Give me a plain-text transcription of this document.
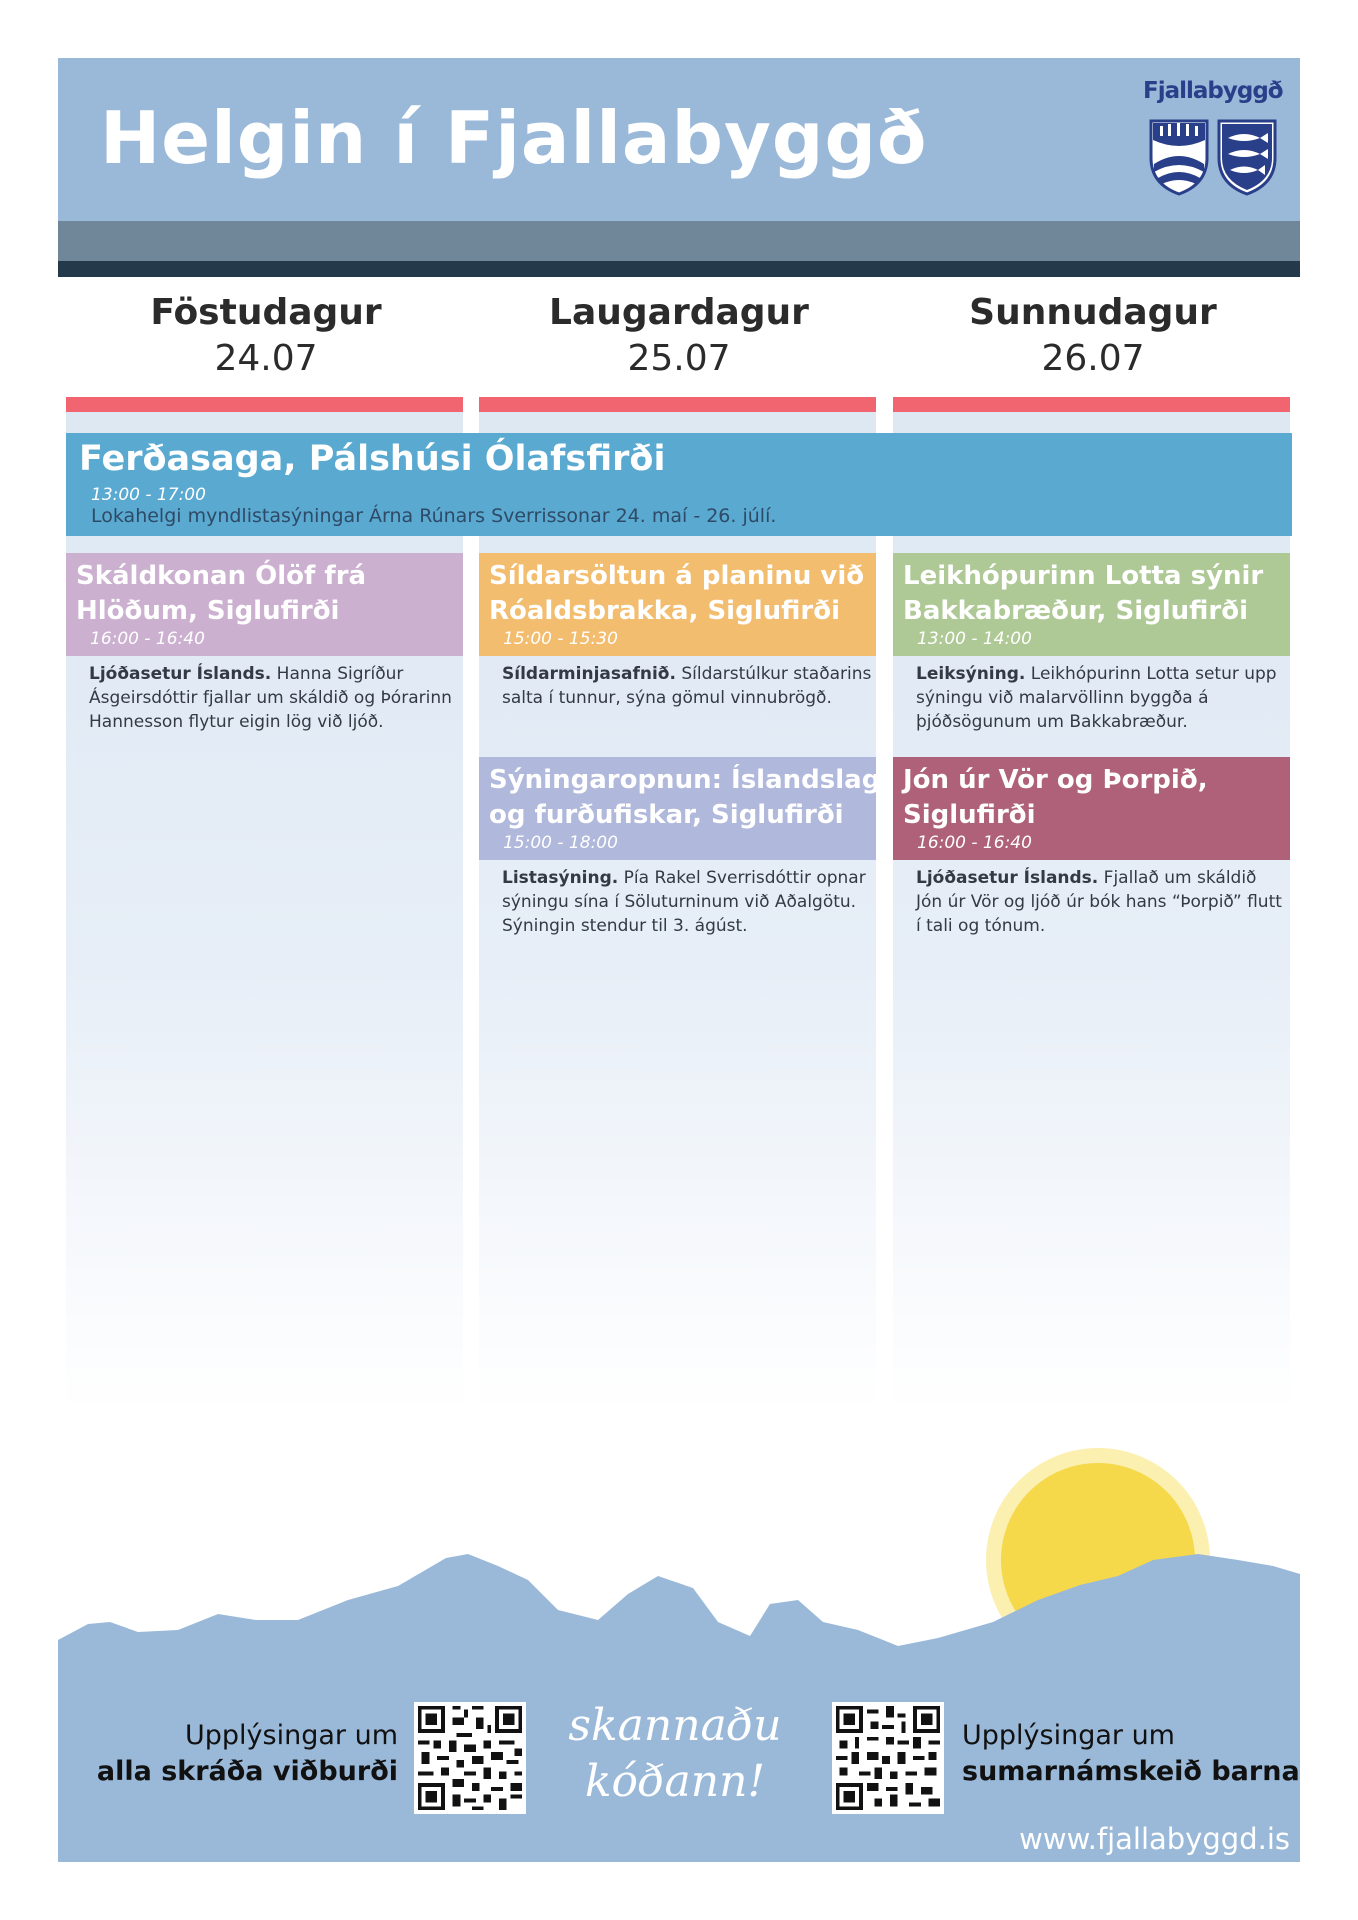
Helgin í Fjallabyggð
Fjallabyggð
Föstudagur
24.07
Laugardagur
25.07
Sunnudagur
26.07
Ferðasaga, Pálshúsi Ólafsfirði
13:00 - 17:00
Lokahelgi myndlistasýningar Árna Rúnars Sverrissonar 24. maí - 26. júlí.
Skáldkonan Ólöf frá
Hlöðum, Siglufirði
16:00 - 16:40
Ljóðasetur Íslands. Hanna Sigríður Ásgeirsdóttir fjallar um skáldið og Þórarinn Hannesson flytur eigin lög við ljóð.
Síldarsöltun á planinu við
Róaldsbrakka, Siglufirði
15:00 - 15:30
Síldarminjasafnið. Síldarstúlkur staðarins salta í tunnur, sýna gömul vinnubrögð.
Sýningaropnun: Íslandslag
og furðufiskar, Siglufirði
15:00 - 18:00
Listasýning. Pía Rakel Sverrisdóttir opnar sýningu sína í Söluturninum við Aðalgötu. Sýningin stendur til 3. ágúst.
Leikhópurinn Lotta sýnir
Bakkabræður, Siglufirði
13:00 - 14:00
Leiksýning. Leikhópurinn Lotta setur upp sýningu við malarvöllinn byggða á þjóðsögunum um Bakkabræður.
Jón úr Vör og Þorpið,
Siglufirði
16:00 - 16:40
Ljóðasetur Íslands. Fjallað um skáldið Jón úr Vör og ljóð úr bók hans “Þorpið” flutt í tali og tónum.
Upplýsingar um
alla skráða viðburði
skannaðu
kóðann!
Upplýsingar um
sumarnámskeið barna
www.fjallabyggd.is
